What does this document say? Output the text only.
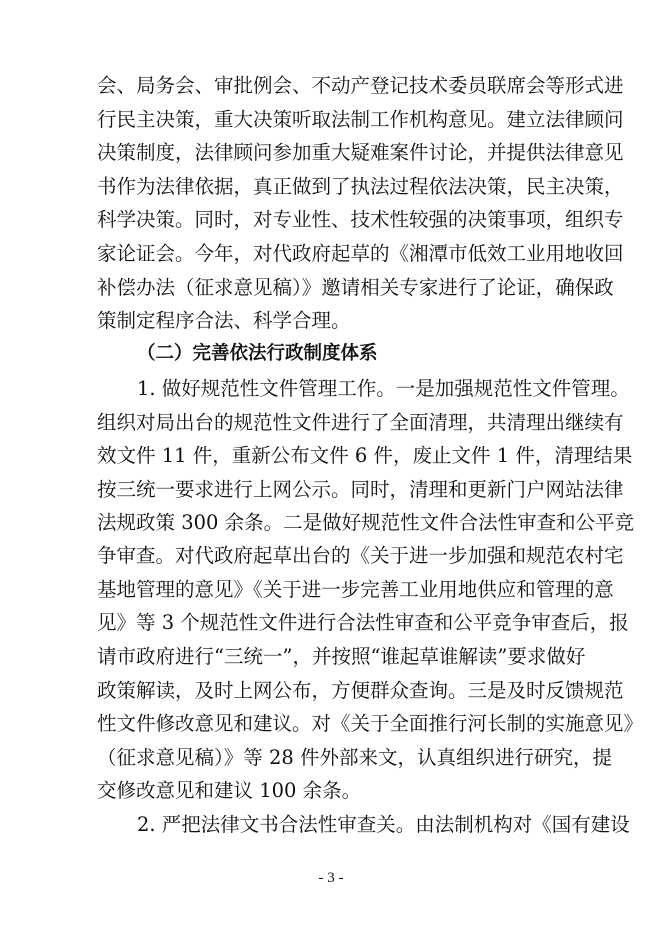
会、局务会、审批例会、不动产登记技术委员联席会等形式进
行民主决策，重大决策听取法制工作机构意见。建立法律顾问
决策制度，法律顾问参加重大疑难案件讨论，并提供法律意见
书作为法律依据，真正做到了执法过程依法决策，民主决策，
科学决策。同时，对专业性、技术性较强的决策事项，组织专
家论证会。今年，对代政府起草的《湘潭市低效工业用地收回
补偿办法（征求意见稿）》邀请相关专家进行了论证，确保政
策制定程序合法、科学合理。
（二）完善依法行政制度体系
1. 做好规范性文件管理工作。一是加强规范性文件管理。
组织对局出台的规范性文件进行了全面清理，共清理出继续有
效文件 11 件，重新公布文件 6 件，废止文件 1 件，清理结果
按三统一要求进行上网公示。同时，清理和更新门户网站法律
法规政策 300 余条。二是做好规范性文件合法性审查和公平竞
争审查。对代政府起草出台的《关于进一步加强和规范农村宅
基地管理的意见》《关于进一步完善工业用地供应和管理的意
见》等 3 个规范性文件进行合法性审查和公平竞争审查后，报
请市政府进行“三统一”，并按照“谁起草谁解读”要求做好
政策解读，及时上网公布，方便群众查询。三是及时反馈规范
性文件修改意见和建议。对《关于全面推行河长制的实施意见》
（征求意见稿）》等 28 件外部来文，认真组织进行研究，提
交修改意见和建议 100 余条。
2. 严把法律文书合法性审查关。由法制机构对《国有建设
- 3 -
